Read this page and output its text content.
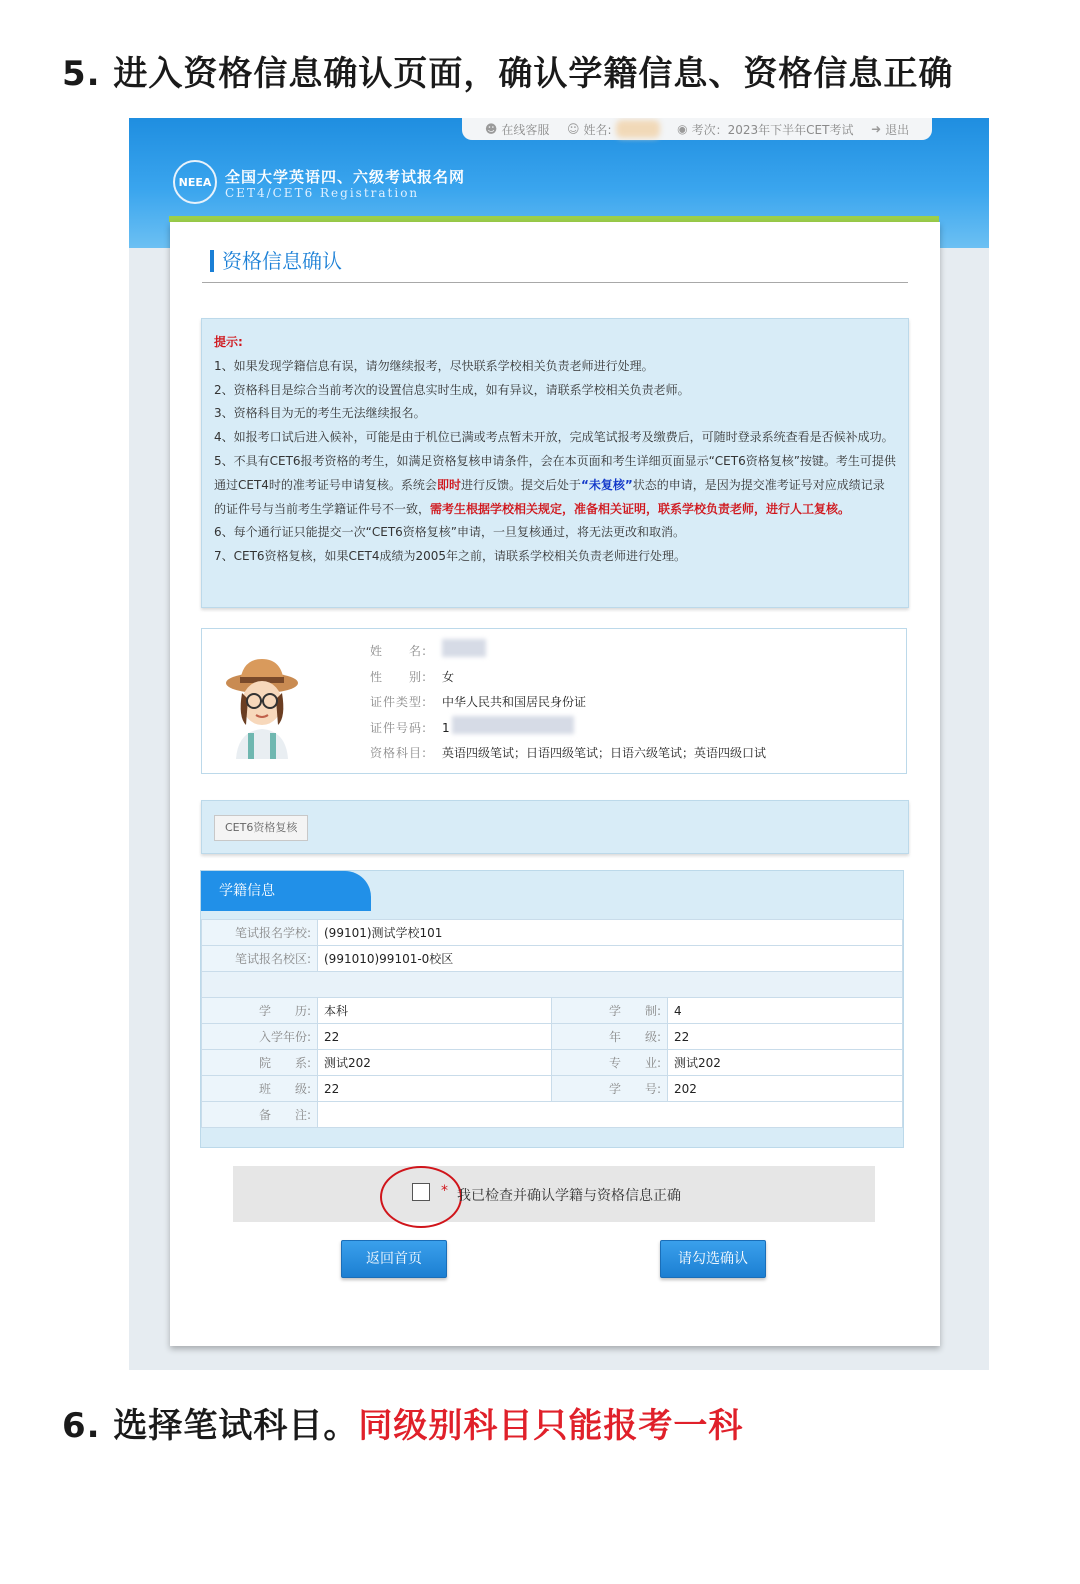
5. 进入资格信息确认页面，确认学籍信息、资格信息正确
☻ 在线客服 ☺ 姓名:	◉ 考次：2023年下半年CET考试 ➜ 退出
NEEA 全国大学英语四、六级考试报名网
CET4/CET6 Registration
资格信息确认

提示:

1、如果发现学籍信息有误，请勿继续报考，尽快联系学校相关负责老师进行处理。

2、资格科目是综合当前考次的设置信息实时生成，如有异议，请联系学校相关负责老师。

3、资格科目为无的考生无法继续报名。

4、如报考口试后进入候补，可能是由于机位已满或考点暂未开放，完成笔试报考及缴费后，可随时登录系统查看是否候补成功。

5、不具有CET6报考资格的考生，如满足资格复核申请条件，会在本页面和考生详细页面显示“CET6资格复核”按键。考生可提供通过CET4时的准考证号申请复核。系统会即时进行反馈。提交后处于“未复核”状态的申请，是因为提交准考证号对应成绩记录的证件号与当前考生学籍证件号不一致，需考生根据学校相关规定，准备相关证明，联系学校负责老师，进行人工复核。

6、每个通行证只能提交一次“CET6资格复核”申请，一旦复核通过，将无法更改和取消。

7、CET6资格复核，如果CET4成绩为2005年之前，请联系学校相关负责老师进行处理。

姓　　名:
性　　别:	女
证件类型:	中华人民共和国居民身份证
证件号码:	1
资格科目:	英语四级笔试；日语四级笔试；日语六级笔试；英语四级口试
CET6资格复核
学籍信息
笔试报名学校:	(99101)测试学校101		
笔试报名校区:	(991010)99101-0校区		

学　　历:	本科	学　　制:	4
入学年份:	22	年　　级:	22
院　　系:	测试202	专　　业:	测试202
班　　级:	22	学　　号:	202
备　　注:			
* 我已检查并确认学籍与资格信息正确
返回首页	请勾选确认
6. 选择笔试科目。同级别科目只能报考一科
